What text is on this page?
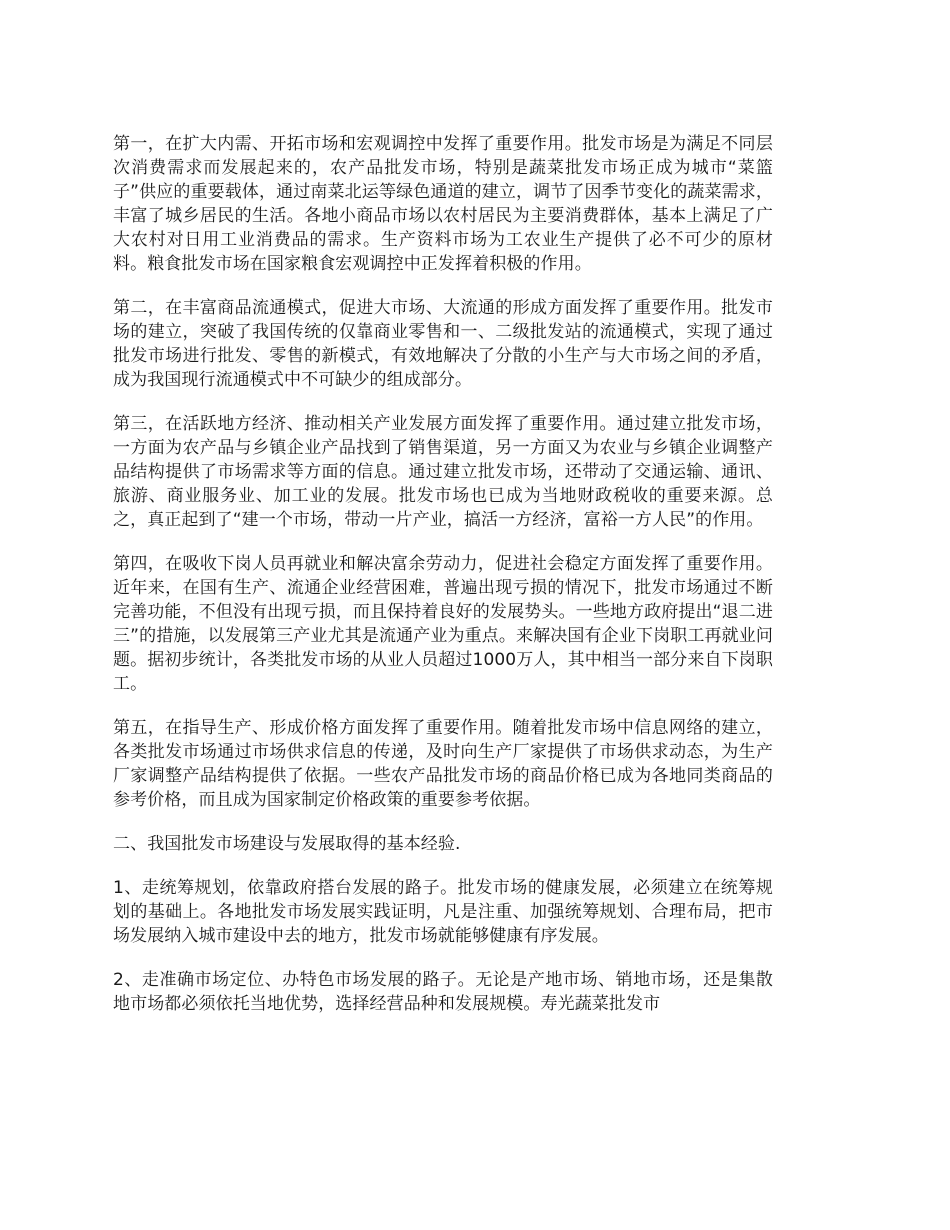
第一，在扩大内需、开拓市场和宏观调控中发挥了重要作用。批发市场是为满足不同层次消费需求而发展起来的，农产品批发市场，特别是蔬菜批发市场正成为城市“菜篮子”供应的重要载体，通过南菜北运等绿色通道的建立，调节了因季节变化的蔬菜需求，丰富了城乡居民的生活。各地小商品市场以农村居民为主要消费群体，基本上满足了广大农村对日用工业消费品的需求。生产资料市场为工农业生产提供了必不可少的原材料。粮食批发市场在国家粮食宏观调控中正发挥着积极的作用。

第二，在丰富商品流通模式，促进大市场、大流通的形成方面发挥了重要作用。批发市场的建立，突破了我国传统的仅靠商业零售和一、二级批发站的流通模式，实现了通过批发市场进行批发、零售的新模式，有效地解决了分散的小生产与大市场之间的矛盾，成为我国现行流通模式中不可缺少的组成部分。

第三，在活跃地方经济、推动相关产业发展方面发挥了重要作用。通过建立批发市场，一方面为农产品与乡镇企业产品找到了销售渠道，另一方面又为农业与乡镇企业调整产品结构提供了市场需求等方面的信息。通过建立批发市场，还带动了交通运输、通讯、旅游、商业服务业、加工业的发展。批发市场也已成为当地财政税收的重要来源。总之，真正起到了“建一个市场，带动一片产业，搞活一方经济，富裕一方人民”的作用。

第四，在吸收下岗人员再就业和解决富余劳动力，促进社会稳定方面发挥了重要作用。近年来，在国有生产、流通企业经营困难，普遍出现亏损的情况下，批发市场通过不断完善功能，不但没有出现亏损，而且保持着良好的发展势头。一些地方政府提出“退二进三”的措施，以发展第三产业尤其是流通产业为重点。来解决国有企业下岗职工再就业问题。据初步统计，各类批发市场的从业人员超过1000万人，其中相当一部分来自下岗职工。

第五，在指导生产、形成价格方面发挥了重要作用。随着批发市场中信息网络的建立，各类批发市场通过市场供求信息的传递，及时向生产厂家提供了市场供求动态，为生产厂家调整产品结构提供了依据。一些农产品批发市场的商品价格已成为各地同类商品的参考价格，而且成为国家制定价格政策的重要参考依据。

二、我国批发市场建设与发展取得的基本经验.

1、走统筹规划，依靠政府搭台发展的路子。批发市场的健康发展，必须建立在统筹规划的基础上。各地批发市场发展实践证明，凡是注重、加强统筹规划、合理布局，把市场发展纳入城市建设中去的地方，批发市场就能够健康有序发展。

2、走准确市场定位、办特色市场发展的路子。无论是产地市场、销地市场，还是集散地市场都必须依托当地优势，选择经营品种和发展规模。寿光蔬菜批发市
